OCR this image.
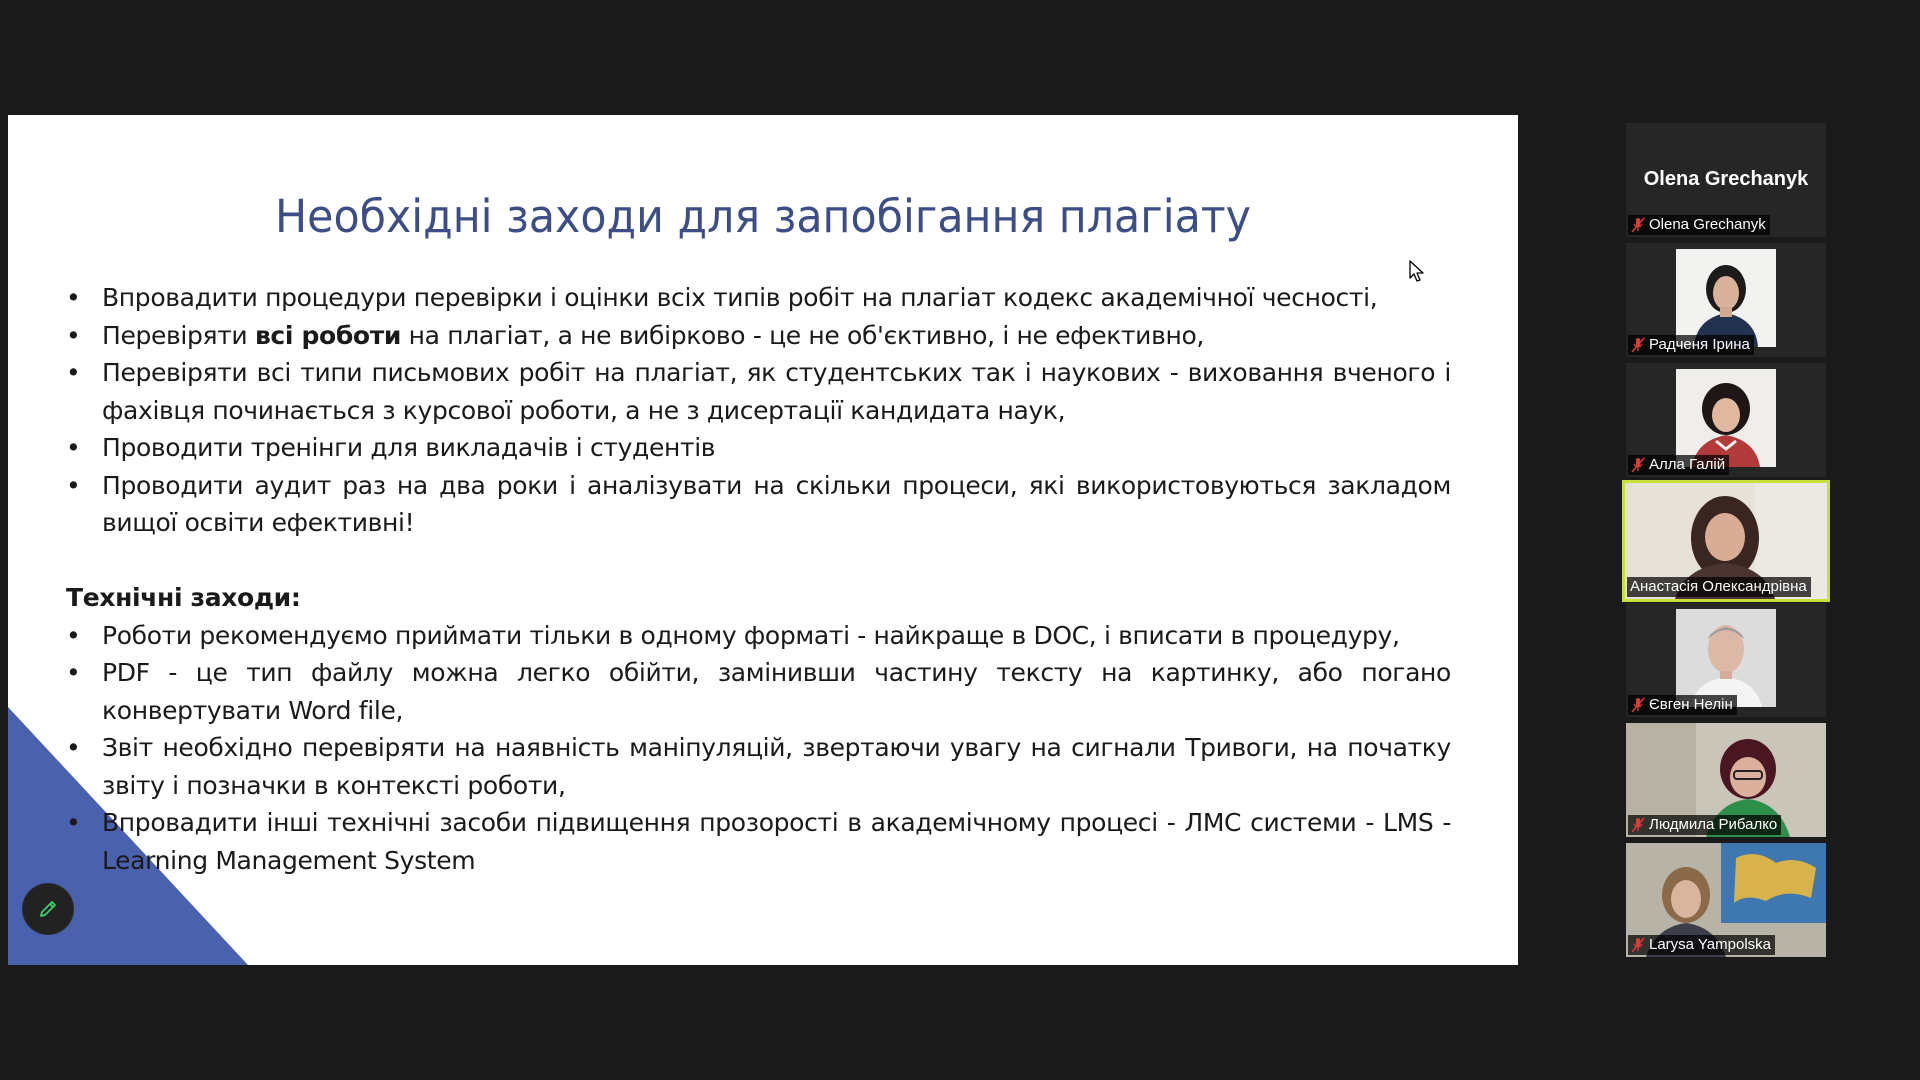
Необхідні заходи для запобігання плагіату
• Впровадити процедури перевірки і оцінки всіх типів робіт на плагіат кодекс академічної чесності,
• Перевіряти всі роботи на плагіат, а не вибірково - це не об'єктивно, і не ефективно,
• Перевіряти всі типи письмових робіт на плагіат, як студентських так і наукових - виховання вченого і фахівця починається з курсової роботи, а не з дисертації кандидата наук,
• Проводити тренінги для викладачів і студентів
• Проводити аудит раз на два роки і аналізувати на скільки процеси, які використовуються закладом вищої освіти ефективні!
Технічні заходи:
• Роботи рекомендуємо приймати тільки в одному форматі - найкраще в DOC, і вписати в процедуру,
• PDF - це тип файлу можна легко обійти, замінивши частину тексту на картинку, або погано конвертувати Word file,
• Звіт необхідно перевіряти на наявність маніпуляцій, звертаючи увагу на сигнали Тривоги, на початку звіту і позначки в контексті роботи,
• Впровадити інші технічні засоби підвищення прозорості в академічному процесі - ЛМС системи - LMS - Learning Management System
Olena Grechanyk
Olena Grechanyk
Радченя Ірина
Алла Галій
Анастасія Олександрівна
Євген Нелін
Людмила Рибалко
Larysa Yampolska
